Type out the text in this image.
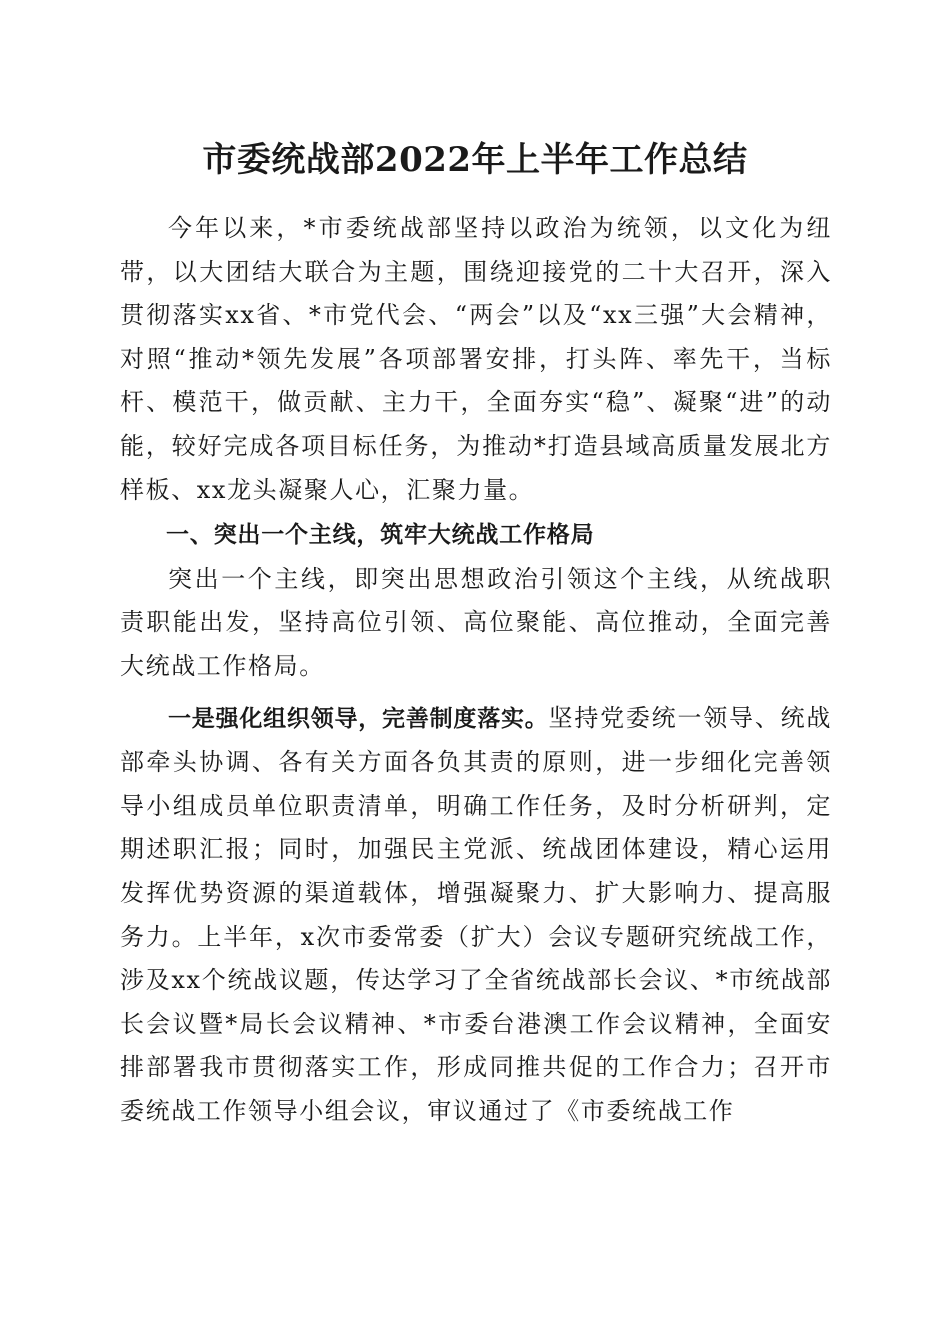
市委统战部2022年上半年工作总结

今年以来，*市委统战部坚持以政治为统领，以文化为纽带，以大团结大联合为主题，围绕迎接党的二十大召开，深入贯彻落实xx省、*市党代会、“两会”以及“xx三强”大会精神，对照“推动*领先发展”各项部署安排，打头阵、率先干，当标杆、模范干，做贡献、主力干，全面夯实“稳”、凝聚“进”的动能，较好完成各项目标任务，为推动*打造县域高质量发展北方样板、xx龙头凝聚人心，汇聚力量。

一、突出一个主线，筑牢大统战工作格局

突出一个主线，即突出思想政治引领这个主线，从统战职责职能出发，坚持高位引领、高位聚能、高位推动，全面完善大统战工作格局。

一是强化组织领导，完善制度落实。坚持党委统一领导、统战部牵头协调、各有关方面各负其责的原则，进一步细化完善领导小组成员单位职责清单，明确工作任务，及时分析研判，定期述职汇报；同时，加强民主党派、统战团体建设，精心运用发挥优势资源的渠道载体，增强凝聚力、扩大影响力、提高服务力。上半年，x次市委常委（扩大）会议专题研究统战工作，涉及xx个统战议题，传达学习了全省统战部长会议、*市统战部长会议暨*局长会议精神、*市委台港澳工作会议精神，全面安排部署我市贯彻落实工作，形成同推共促的工作合力；召开市委统战工作领导小组会议，审议通过了《市委统战工作
